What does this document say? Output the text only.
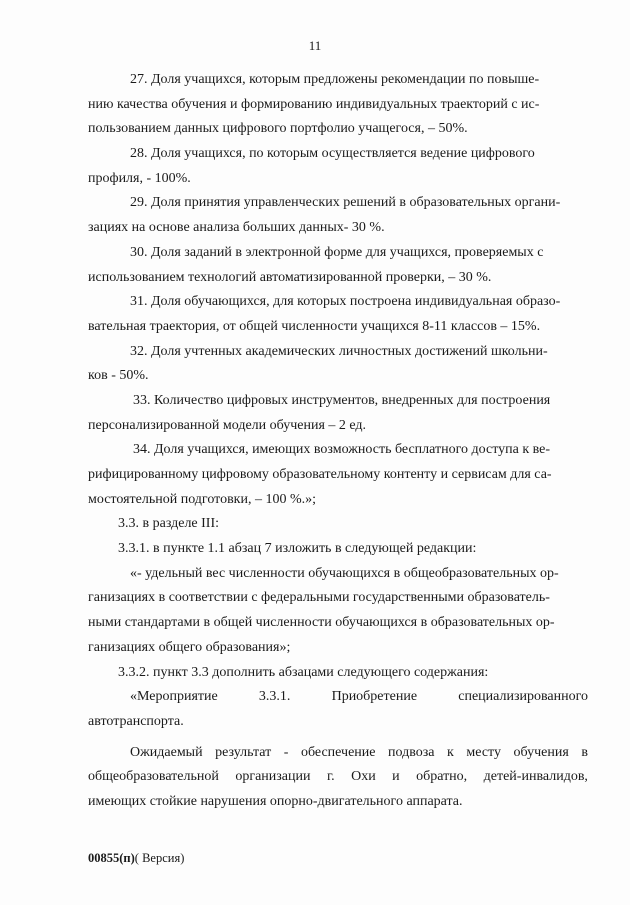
11
27. Доля учащихся, которым предложены рекомендации по повыше-
нию качества обучения и формированию индивидуальных траекторий с ис-
пользованием данных цифрового портфолио учащегося, – 50%.
28. Доля учащихся, по которым осуществляется ведение цифрового
профиля, - 100%.
29. Доля принятия управленческих решений в образовательных органи-
зациях на основе анализа больших данных- 30 %.
30. Доля заданий в электронной форме для учащихся, проверяемых с
использованием технологий автоматизированной проверки, – 30 %.
31. Доля обучающихся, для которых построена индивидуальная образо-
вательная траектория, от общей численности учащихся 8-11 классов – 15%.
32. Доля учтенных академических личностных достижений школьни-
ков - 50%.
33. Количество цифровых инструментов, внедренных для построения
персонализированной модели обучения – 2 ед.
34. Доля учащихся, имеющих возможность бесплатного доступа к ве-
рифицированному цифровому образовательному контенту и сервисам для са-
мостоятельной подготовки, – 100 %.»;
3.3. в разделе III:
3.3.1. в пункте 1.1 абзац 7 изложить в следующей редакции:
«- удельный вес численности обучающихся в общеобразовательных ор-
ганизациях в соответствии с федеральными государственными образователь-
ными стандартами в общей численности обучающихся в образовательных ор-
ганизациях общего образования»;
3.3.2. пункт 3.3 дополнить абзацами следующего содержания:
«Мероприятие	3.3.1.	Приобретение	специализированного
автотранспорта.
Ожидаемый результат - обеспечение подвоза к месту обучения в
общеобразовательной организации г. Охи и обратно, детей-инвалидов,
имеющих стойкие нарушения опорно-двигательного аппарата.
00855(п)( Версия)
